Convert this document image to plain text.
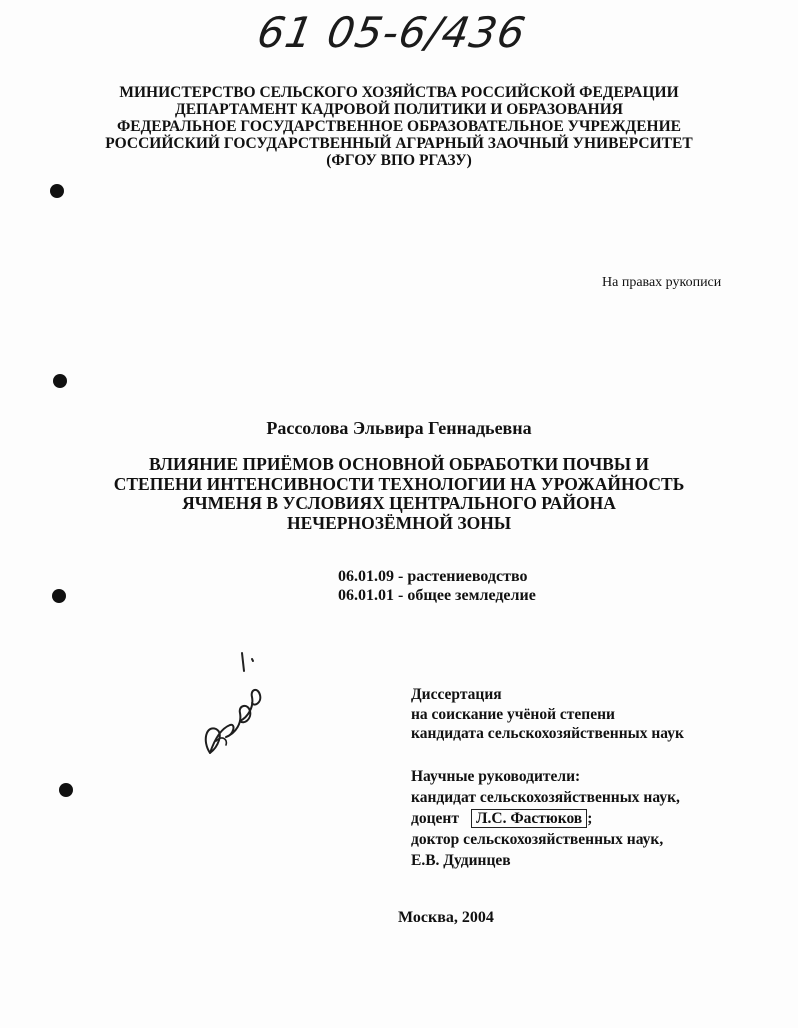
61 05-6/436
МИНИСТЕРСТВО СЕЛЬСКОГО ХОЗЯЙСТВА РОССИЙСКОЙ ФЕДЕРАЦИИ
ДЕПАРТАМЕНТ КАДРОВОЙ ПОЛИТИКИ И ОБРАЗОВАНИЯ
ФЕДЕРАЛЬНОЕ ГОСУДАРСТВЕННОЕ ОБРАЗОВАТЕЛЬНОЕ УЧРЕЖДЕНИЕ
РОССИЙСКИЙ ГОСУДАРСТВЕННЫЙ АГРАРНЫЙ ЗАОЧНЫЙ УНИВЕРСИТЕТ
(ФГОУ ВПО РГАЗУ)
На правах рукописи
Рассолова Эльвира Геннадьевна
ВЛИЯНИЕ ПРИЁМОВ ОСНОВНОЙ ОБРАБОТКИ ПОЧВЫ И
СТЕПЕНИ ИНТЕНСИВНОСТИ ТЕХНОЛОГИИ НА УРОЖАЙНОСТЬ
ЯЧМЕНЯ В УСЛОВИЯХ ЦЕНТРАЛЬНОГО РАЙОНА
НЕЧЕРНОЗЁМНОЙ ЗОНЫ
06.01.09 - растениеводство
06.01.01 - общее земледелие
Диссертация
на соискание учёной степени
кандидата сельскохозяйственных наук
Научные руководители:
кандидат сельскохозяйственных наук,
доцент Л.С. Фастюков ;
доктор сельскохозяйственных наук,
Е.В. Дудинцев
Москва, 2004
